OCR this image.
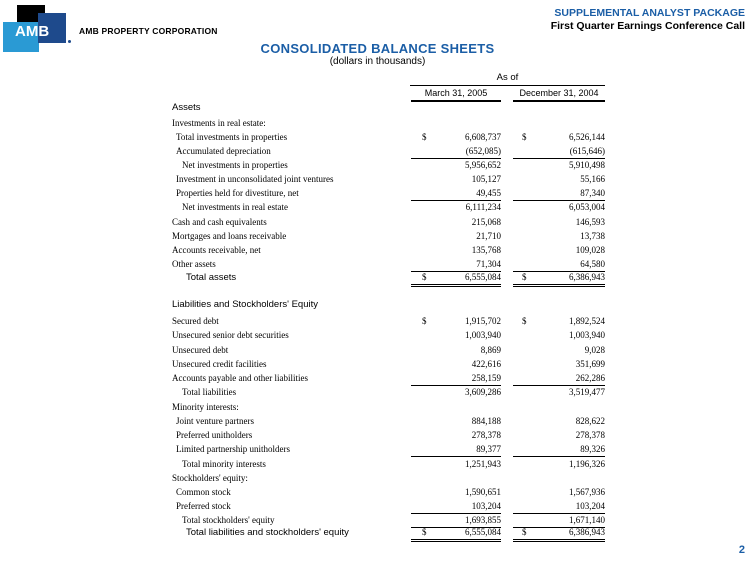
AMB	AMB PROPERTY CORPORATION
SUPPLEMENTAL ANALYST PACKAGE
First Quarter Earnings Conference Call
CONSOLIDATED BALANCE SHEETS
(dollars in thousands)
As of
March 31, 2005	December 31, 2004
Assets
Investments in real estate:
Total investments in properties	$	6,608,737 $	6,526,144
Accumulated depreciation	(652,085)	(615,646)
Net investments in properties	5,956,652	5,910,498
Investment in unconsolidated joint ventures	105,127	55,166
Properties held for divestiture, net	49,455	87,340
Net investments in real estate	6,111,234	6,053,004
Cash and cash equivalents	215,068	146,593
Mortgages and loans receivable	21,710	13,738
Accounts receivable, net	135,768	109,028
Other assets	71,304	64,580
Total assets	$	6,555,084 $	6,386,943
Liabilities and Stockholders' Equity
Secured debt	$	1,915,702 $	1,892,524
Unsecured senior debt securities	1,003,940	1,003,940
Unsecured debt	8,869	9,028
Unsecured credit facilities	422,616	351,699
Accounts payable and other liabilities	258,159	262,286
Total liabilities	3,609,286	3,519,477
Minority interests:
Joint venture partners	884,188	828,622
Preferred unitholders	278,378	278,378
Limited partnership unitholders	89,377	89,326
Total minority interests	1,251,943	1,196,326
Stockholders' equity:
Common stock	1,590,651	1,567,936
Preferred stock	103,204	103,204
Total stockholders' equity	1,693,855	1,671,140
Total liabilities and stockholders' equity	$	6,555,084 $	6,386,943
2
